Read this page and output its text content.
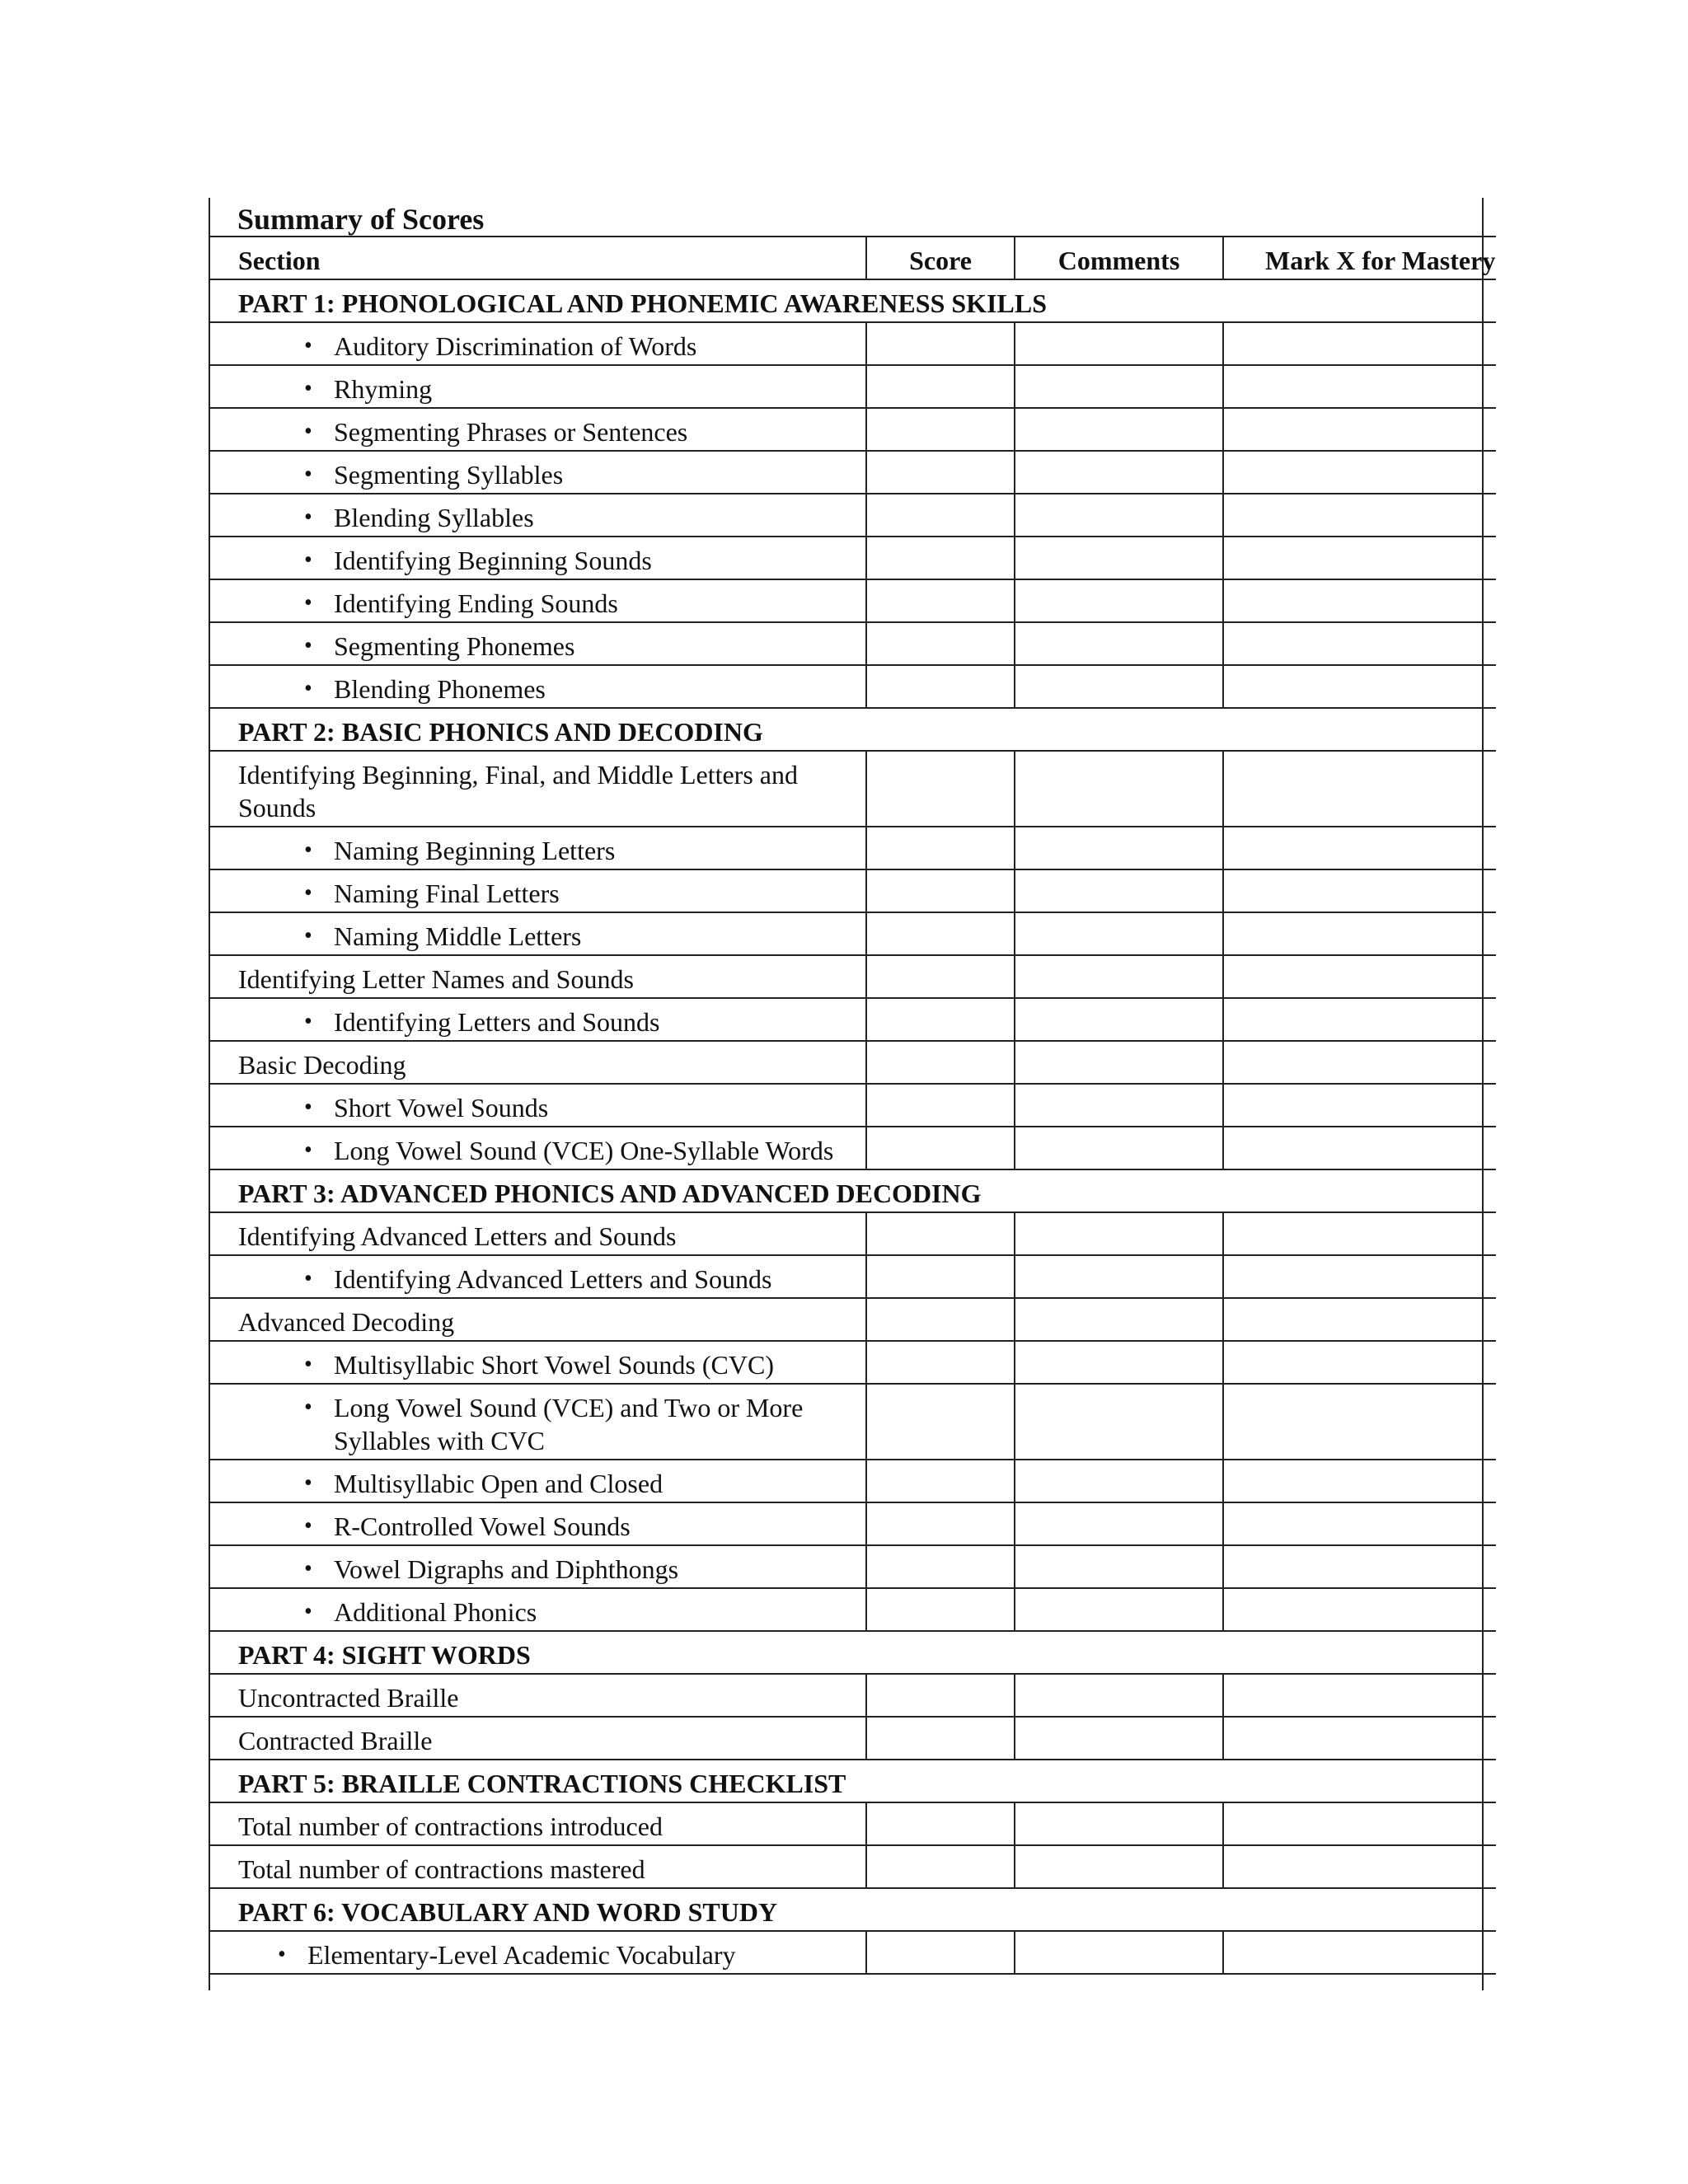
Summary of Scores
Section	Score	Comments	Mark X for Mastery
PART 1: PHONOLOGICAL AND PHONEMIC AWARENESS SKILLS			

• Auditory Discrimination of Words			

• Rhyming			

• Segmenting Phrases or Sentences			

• Segmenting Syllables			

• Blending Syllables			

• Identifying Beginning Sounds			

• Identifying Ending Sounds			

• Segmenting Phonemes			

• Blending Phonemes			

PART 2: BASIC PHONICS AND DECODING			
Identifying Beginning, Final, and Middle Letters and Sounds			

• Naming Beginning Letters			

• Naming Final Letters			

• Naming Middle Letters			

Identifying Letter Names and Sounds			

• Identifying Letters and Sounds			

Basic Decoding			

• Short Vowel Sounds			

• Long Vowel Sound (VCE) One-Syllable Words			

PART 3: ADVANCED PHONICS AND ADVANCED DECODING			
Identifying Advanced Letters and Sounds			

• Identifying Advanced Letters and Sounds			

Advanced Decoding			

• Multisyllabic Short Vowel Sounds (CVC)			

• Long Vowel Sound (VCE) and Two or More Syllables with CVC			

• Multisyllabic Open and Closed			

• R-Controlled Vowel Sounds			

• Vowel Digraphs and Diphthongs			

• Additional Phonics			

PART 4: SIGHT WORDS			
Uncontracted Braille			
Contracted Braille			
PART 5: BRAILLE CONTRACTIONS CHECKLIST			
Total number of contractions introduced			
Total number of contractions mastered			
PART 6: VOCABULARY AND WORD STUDY			

• Elementary-Level Academic Vocabulary			
